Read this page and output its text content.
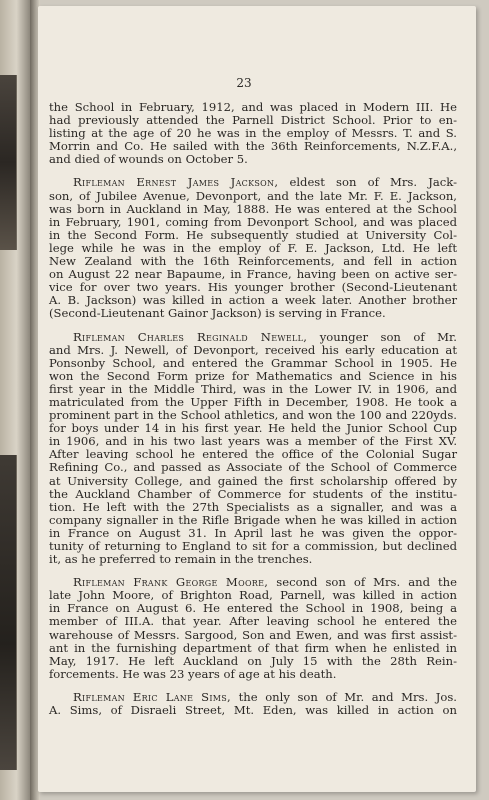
23
the School in February, 1912, and was placed in Modern III. He
had previously attended the Parnell District School. Prior to en-
listing at the age of 20 he was in the employ of Messrs. T. and S.
Morrin and Co. He sailed with the 36th Reinforcements, N.Z.F.A.,
and died of wounds on October 5.
Rifleman Ernest James Jackson, eldest son of Mrs. Jack-
son, of Jubilee Avenue, Devonport, and the late Mr. F. E. Jackson,
was born in Auckland in May, 1888. He was entered at the School
in February, 1901, coming from Devonport School, and was placed
in the Second Form. He subsequently studied at University Col-
lege while he was in the employ of F. E. Jackson, Ltd. He left
New Zealand with the 16th Reinforcements, and fell in action
on August 22 near Bapaume, in France, having been on active ser-
vice for over two years. His younger brother (Second-Lieutenant
A. B. Jackson) was killed in action a week later. Another brother
(Second-Lieutenant Gainor Jackson) is serving in France.
Rifleman Charles Reginald Newell, younger son of Mr.
and Mrs. J. Newell, of Devonport, received his early education at
Ponsonby School, and entered the Grammar School in 1905. He
won the Second Form prize for Mathematics and Science in his
first year in the Middle Third, was in the Lower IV. in 1906, and
matriculated from the Upper Fifth in December, 1908. He took a
prominent part in the School athletics, and won the 100 and 220yds.
for boys under 14 in his first year. He held the Junior School Cup
in 1906, and in his two last years was a member of the First XV.
After leaving school he entered the office of the Colonial Sugar
Refining Co., and passed as Associate of the School of Commerce
at University College, and gained the first scholarship offered by
the Auckland Chamber of Commerce for students of the institu-
tion. He left with the 27th Specialists as a signaller, and was a
company signaller in the Rifle Brigade when he was killed in action
in France on August 31. In April last he was given the oppor-
tunity of returning to England to sit for a commission, but declined
it, as he preferred to remain in the trenches.
Rifleman Frank George Moore, second son of Mrs. and the
late John Moore, of Brighton Road, Parnell, was killed in action
in France on August 6. He entered the School in 1908, being a
member of III.A. that year. After leaving school he entered the
warehouse of Messrs. Sargood, Son and Ewen, and was first assist-
ant in the furnishing department of that firm when he enlisted in
May, 1917. He left Auckland on July 15 with the 28th Rein-
forcements. He was 23 years of age at his death.
Rifleman Eric Lane Sims, the only son of Mr. and Mrs. Jos.
A. Sims, of Disraeli Street, Mt. Eden, was killed in action on
